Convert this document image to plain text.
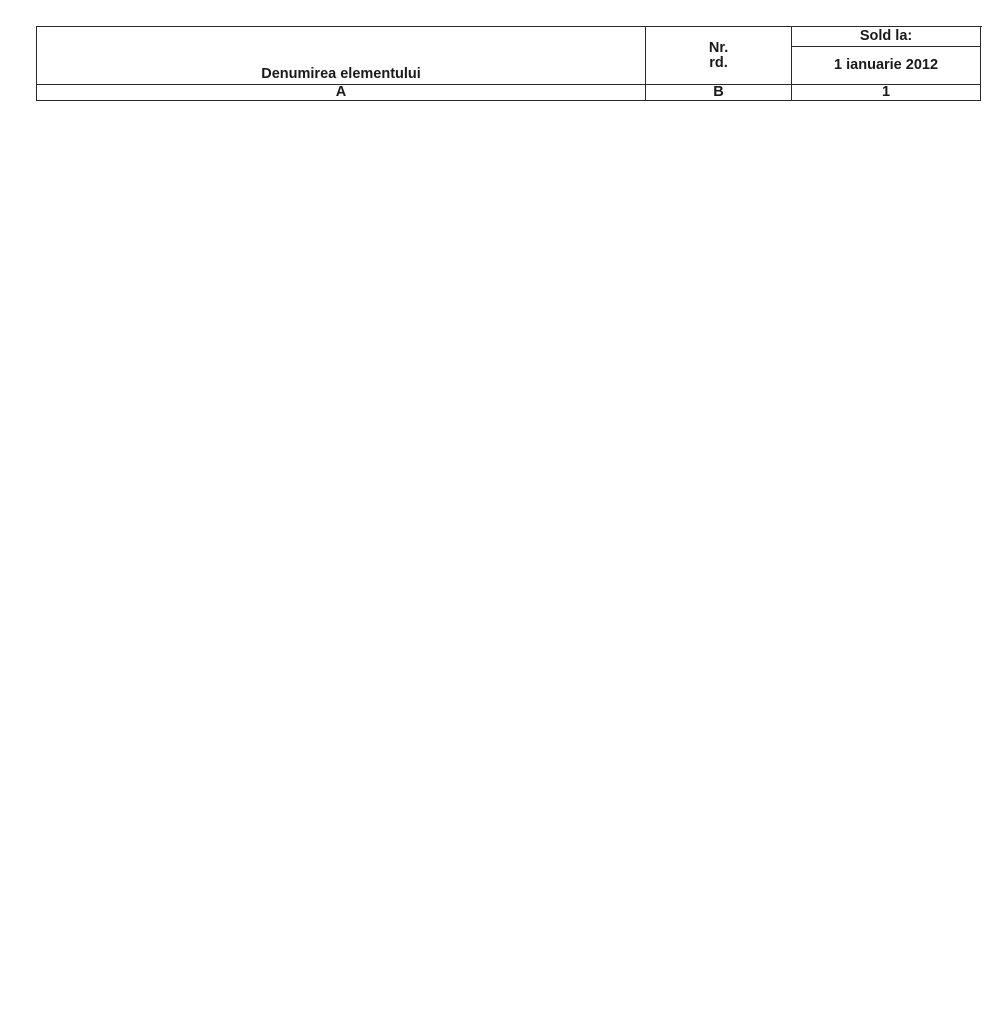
Denumirea elementului	Nr. rd.	Sold la:	

		1 ianuarie 2012

A	B	1	
